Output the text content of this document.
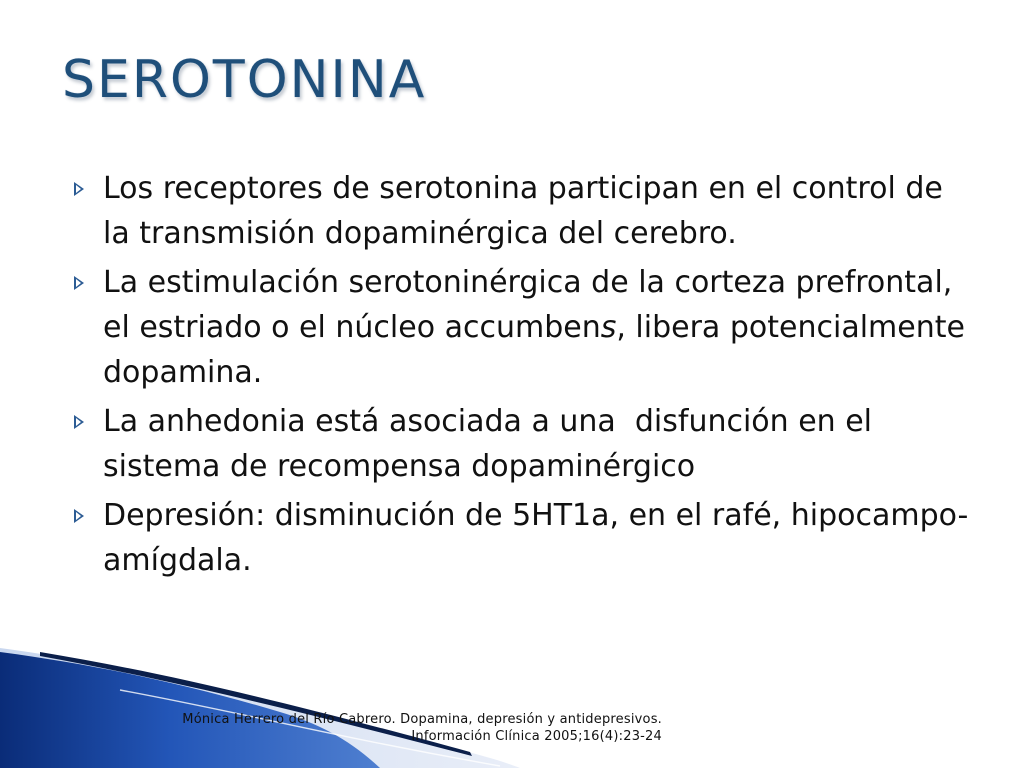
SEROTONINA
Los receptores de serotonina participan en el control de la transmisión dopaminérgica del cerebro.
La estimulación serotoninérgica de la corteza prefrontal, el estriado o el núcleo accumbens, libera potencialmente dopamina.
La anhedonia está asociada a una  disfunción en el sistema de recompensa dopaminérgico
Depresión: disminución de 5HT1a, en el rafé, hipocampo-amígdala.
Mónica Herrero del Río Cabrero. Dopamina, depresión y antidepresivos.
Información Clínica 2005;16(4):23-24
